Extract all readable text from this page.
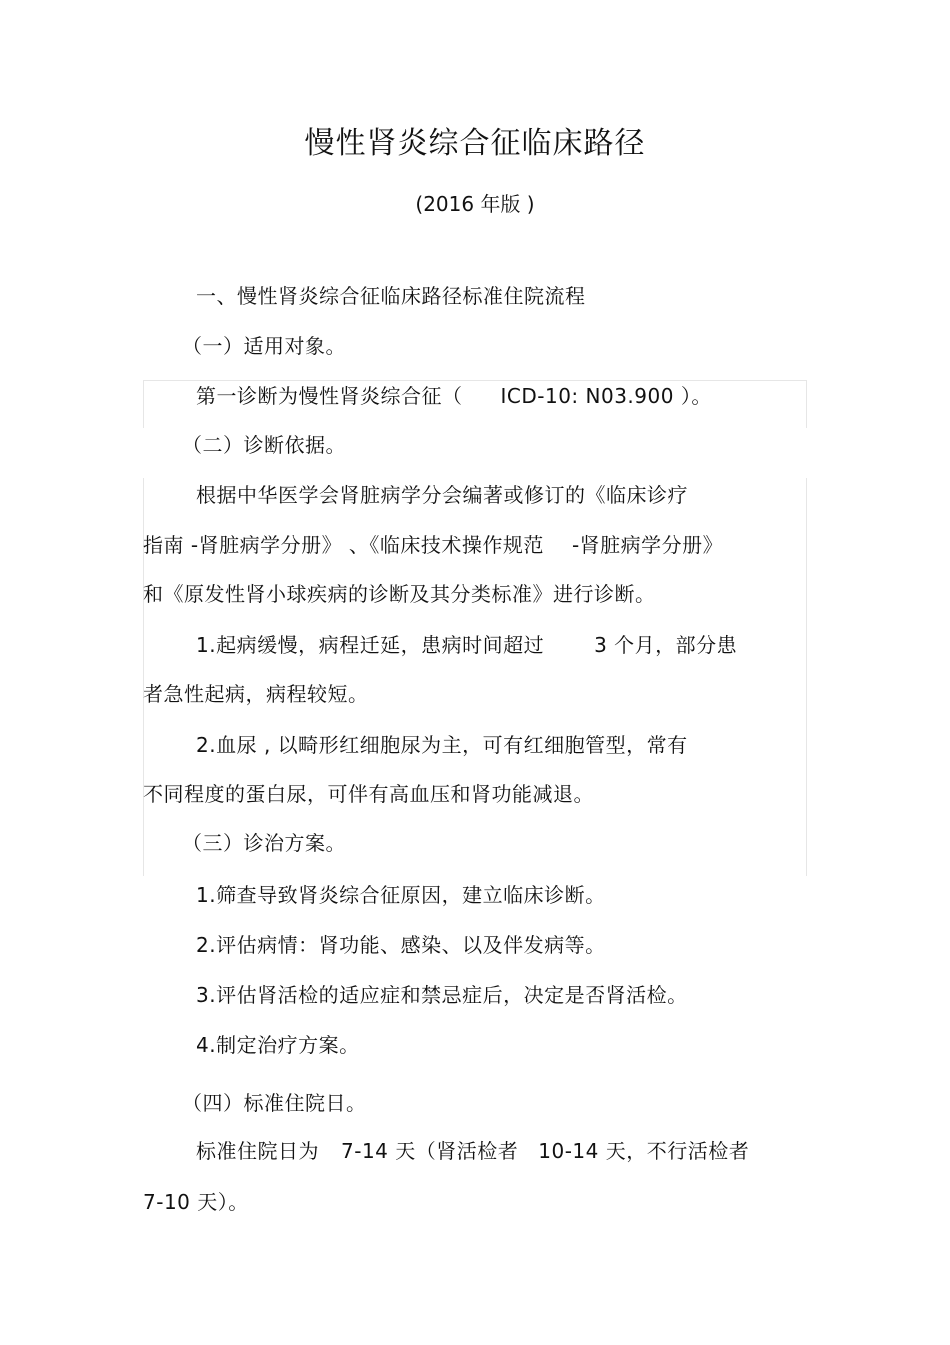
慢性肾炎综合征临床路径
(2016 年版 )
一、慢性肾炎综合征临床路径标准住院流程
（一）适用对象。
第一诊断为慢性肾炎综合征（ ICD-10: N03.900 ）。
（二）诊断依据。
根据中华医学会肾脏病学分会编著或修订的《临床诊疗
指南 -肾脏病学分册》 、《临床技术操作规范 -肾脏病学分册》
和《原发性肾小球疾病的诊断及其分类标准》进行诊断。
1.起病缓慢，病程迁延，患病时间超过	3 个月，部分患
者急性起病，病程较短。
2.血尿 , 以畸形红细胞尿为主，可有红细胞管型，常有
不同程度的蛋白尿，可伴有高血压和肾功能减退。
（三）诊治方案。
1.筛查导致肾炎综合征原因，建立临床诊断。
2.评估病情：肾功能、感染、以及伴发病等。
3.评估肾活检的适应症和禁忌症后，决定是否肾活检。
4.制定治疗方案。
（四）标准住院日。
标准住院日为 7-14 天（肾活检者 10-14 天，不行活检者
7-10 天）。
